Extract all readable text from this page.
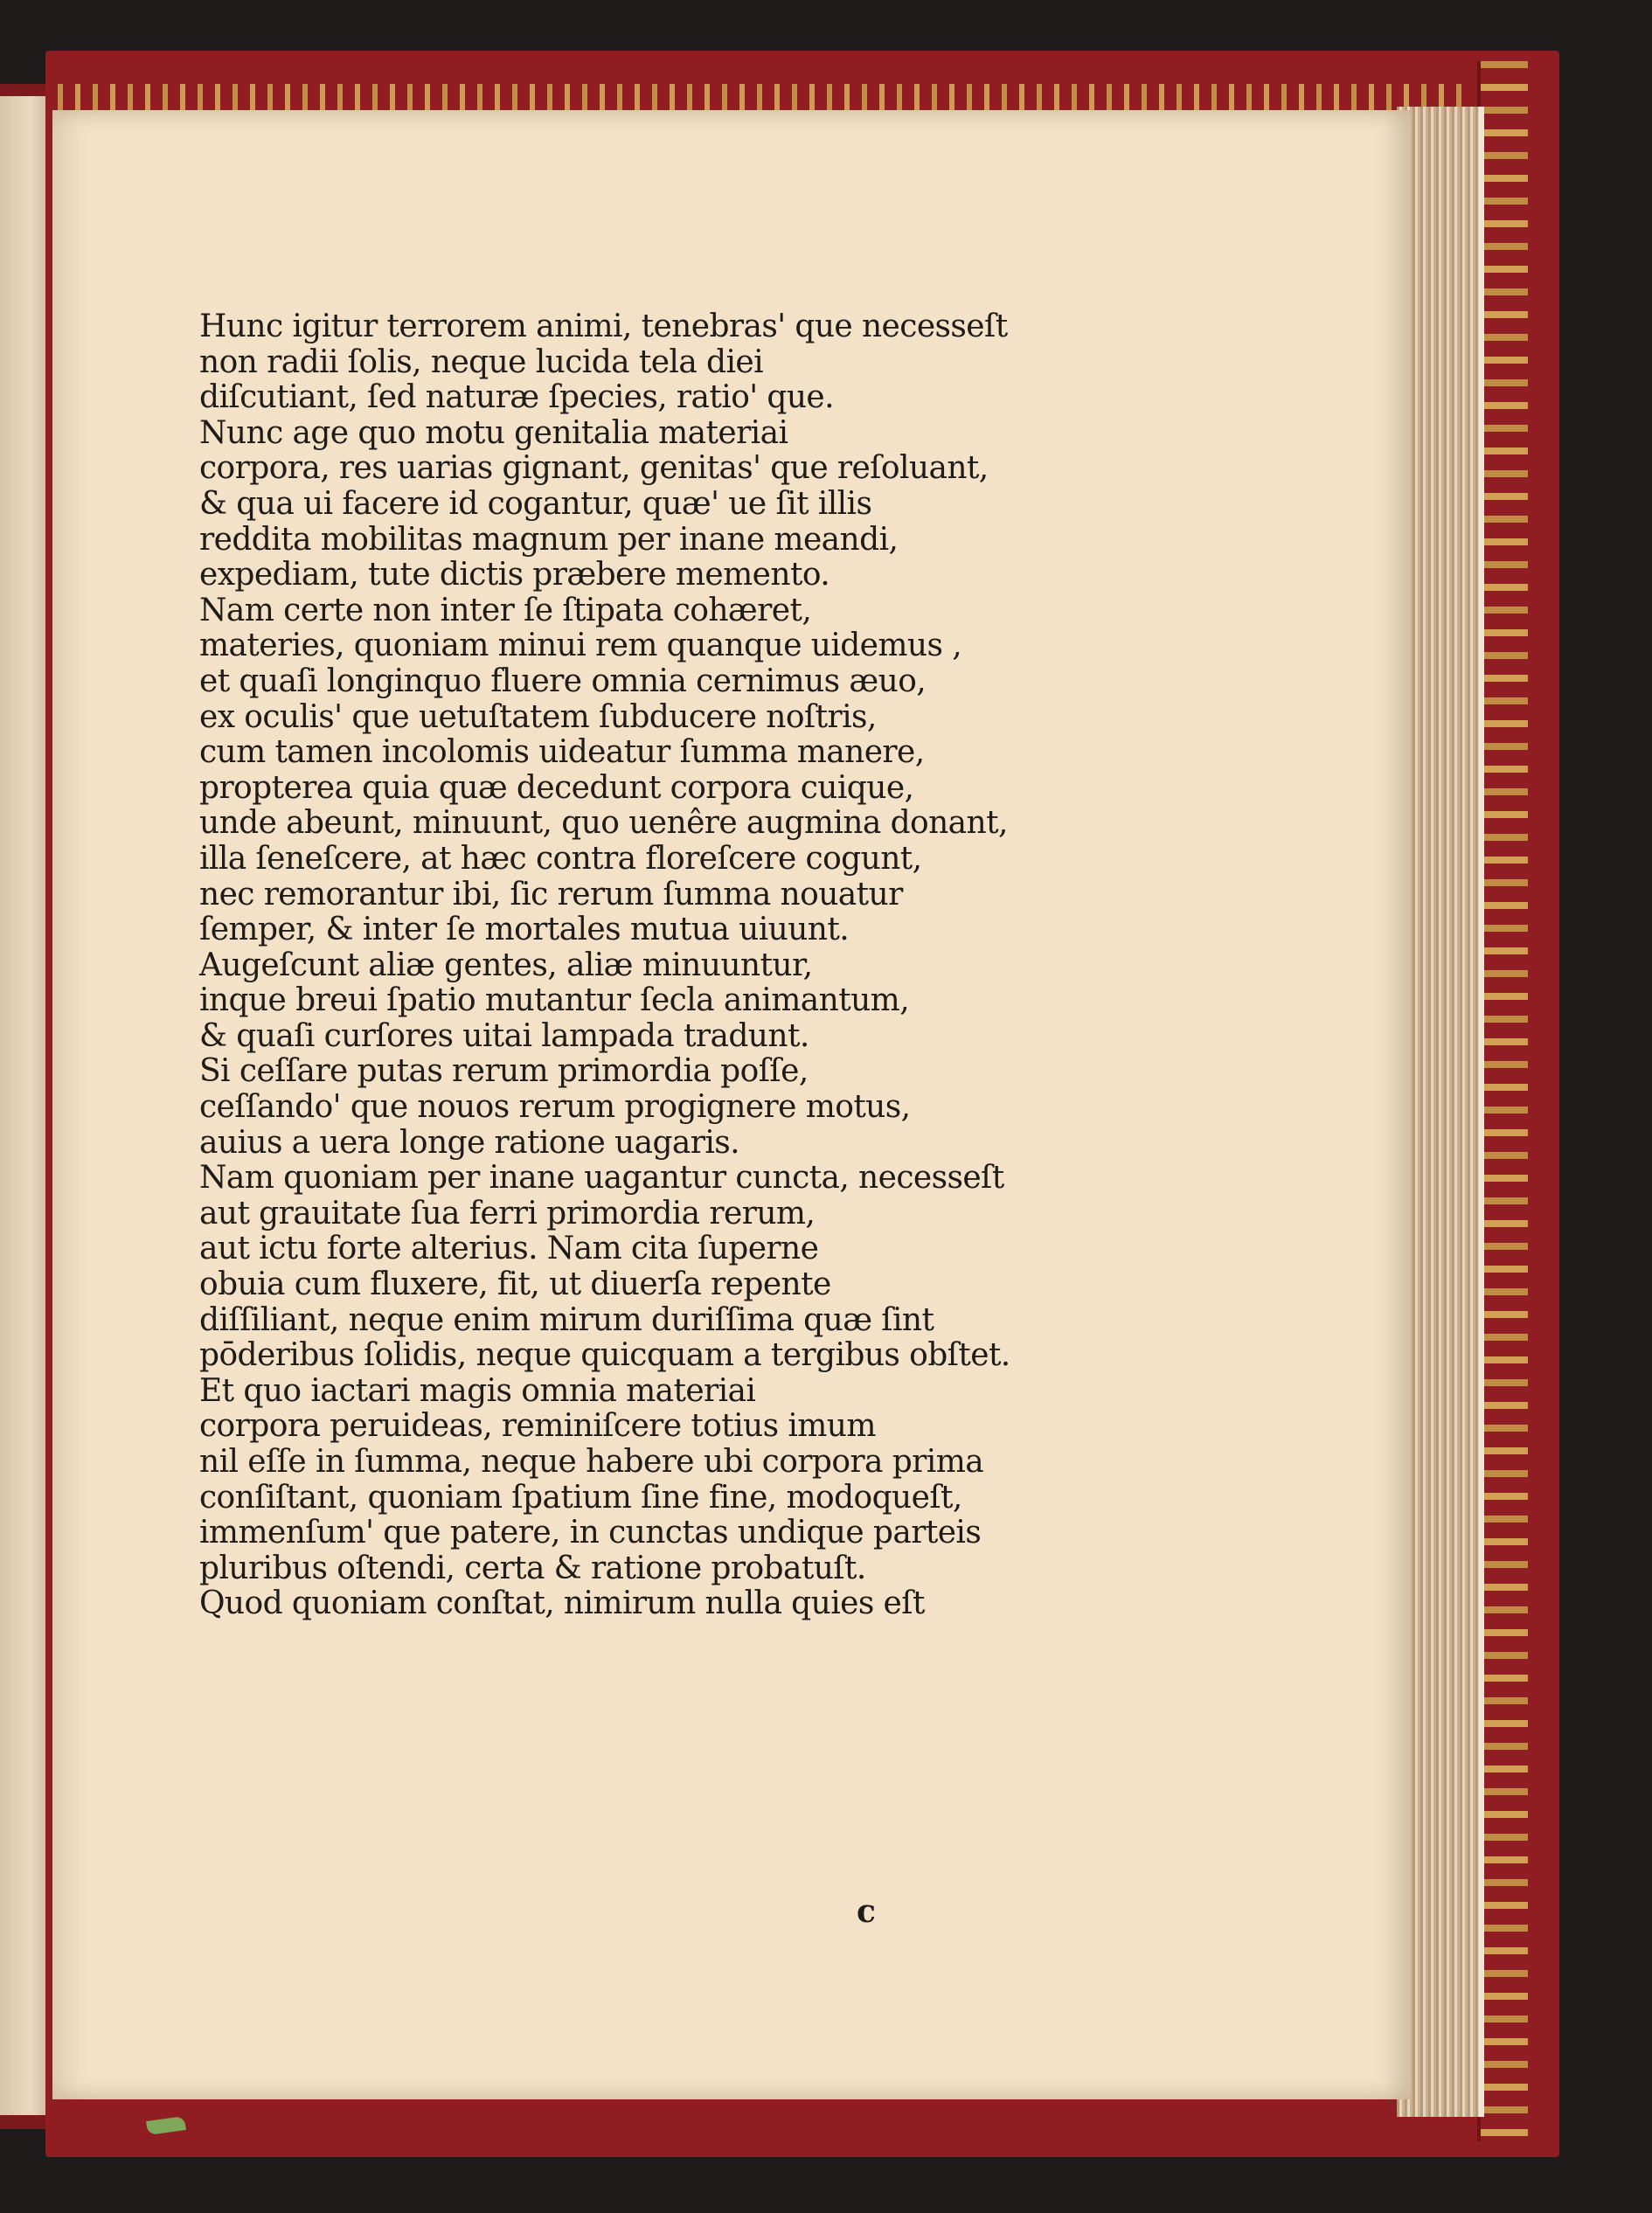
Hunc igitur terrorem animi, tenebras' que necesseſt
non radii ſolis, neque lucida tela diei
diſcutiant, ſed naturæ ſpecies, ratio' que.
Nunc age quo motu genitalia materiai
corpora, res uarias gignant, genitas' que reſoluant,
& qua ui facere id cogantur, quæ' ue ſit illis
reddita mobilitas magnum per inane meandi,
expediam, tute dictis præbere memento.
Nam certe non inter ſe ſtipata cohæret,
materies, quoniam minui rem quanque uidemus ,
et quaſi longinquo fluere omnia cernimus æuo,
ex oculis' que uetuſtatem ſubducere noſtris,
cum tamen incolomis uideatur ſumma manere,
propterea quia quæ decedunt corpora cuique,
unde abeunt, minuunt, quo uenêre augmina donant,
illa ſeneſcere, at hæc contra floreſcere cogunt,
nec remorantur ibi, ſic rerum ſumma nouatur
ſemper, & inter ſe mortales mutua uiuunt.
Augeſcunt aliæ gentes, aliæ minuuntur,
inque breui ſpatio mutantur ſecla animantum,
& quaſi curſores uitai lampada tradunt.
Si ceſſare putas rerum primordia poſſe,
ceſſando' que nouos rerum progignere motus,
auius a uera longe ratione uagaris.
Nam quoniam per inane uagantur cuncta, necesseſt
aut grauitate ſua ferri primordia rerum,
aut ictu forte alterius. Nam cita ſuperne
obuia cum fluxere, fit, ut diuerſa repente
diſſiliant, neque enim mirum duriſſima quæ ſint
pōderibus ſolidis, neque quicquam a tergibus obſtet.
Et quo iactari magis omnia materiai
corpora peruideas, reminiſcere totius imum
nil eſſe in ſumma, neque habere ubi corpora prima
conſiſtant, quoniam ſpatium ſine fine, modoqueſt,
immenſum' que patere, in cunctas undique parteis
pluribus oſtendi, certa & ratione probatuſt.
Quod quoniam conſtat, nimirum nulla quies eſt
c
